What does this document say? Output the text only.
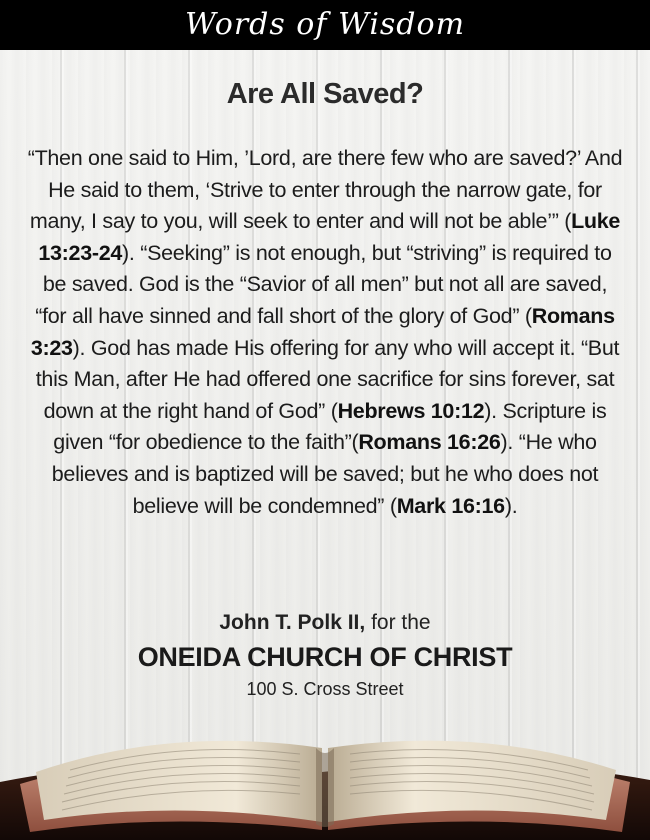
Words of Wisdom
Are All Saved?
“Then one said to Him, ’Lord, are there few who are saved?’ And He said to them, ‘Strive to enter through the narrow gate, for many, I say to you, will seek to enter and will not be able’” (Luke 13:23-24). “Seeking” is not enough, but “striving” is required to be saved. God is the “Savior of all men” but not all are saved, “for all have sinned and fall short of the glory of God” (Romans 3:23). God has made His offering for any who will accept it. “But this Man, after He had offered one sacrifice for sins forever, sat down at the right hand of God” (Hebrews 10:12). Scripture is given “for obedience to the faith”(Romans 16:26). “He who believes and is baptized will be saved; but he who does not believe will be condemned” (Mark 16:16).
John T. Polk II, for the
ONEIDA CHURCH OF CHRIST
100 S. Cross Street
